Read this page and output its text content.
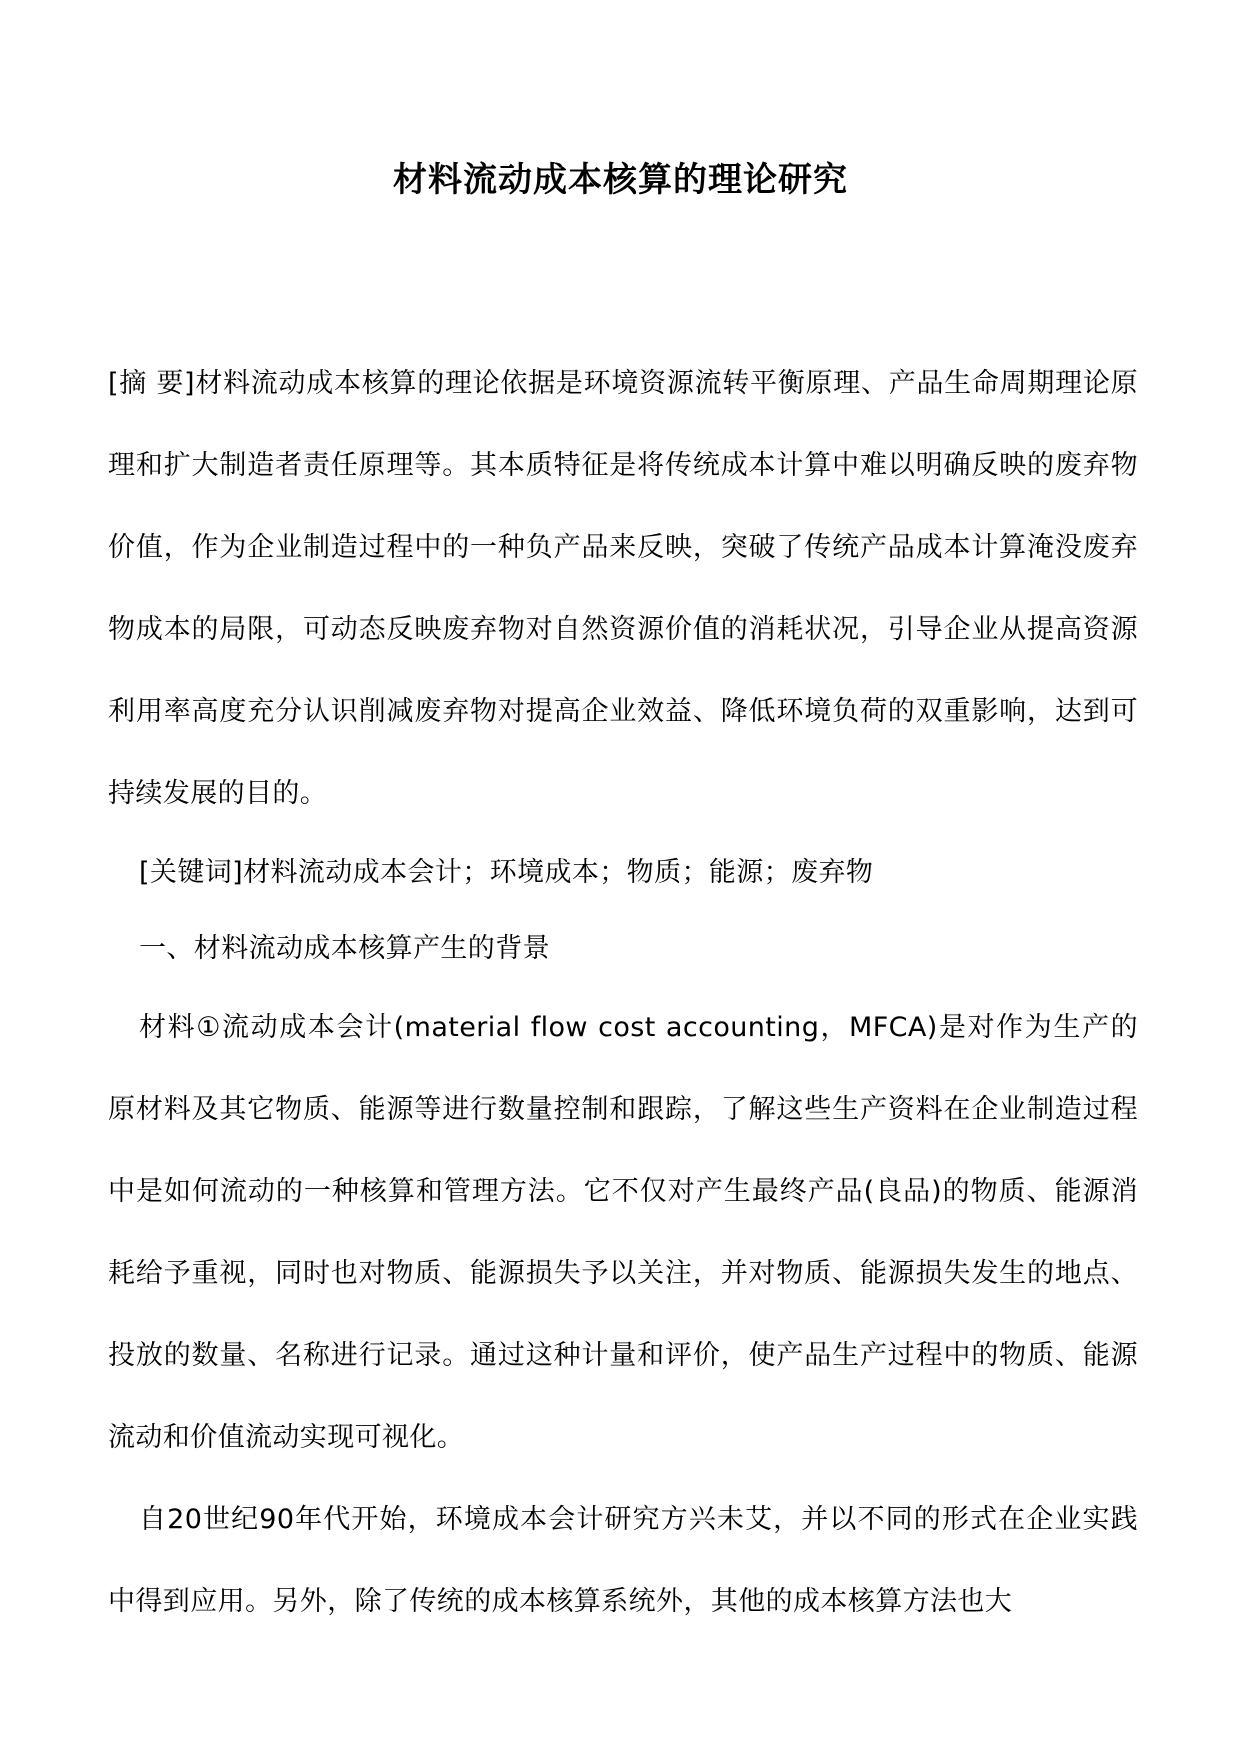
材料流动成本核算的理论研究

[摘 要]材料流动成本核算的理论依据是环境资源流转平衡原理、产品生命周期理论原理和扩大制造者责任原理等。其本质特征是将传统成本计算中难以明确反映的废弃物价值，作为企业制造过程中的一种负产品来反映，突破了传统产品成本计算淹没废弃物成本的局限，可动态反映废弃物对自然资源价值的消耗状况，引导企业从提高资源利用率高度充分认识削减废弃物对提高企业效益、降低环境负荷的双重影响，达到可持续发展的目的。

[关键词]材料流动成本会计；环境成本；物质；能源；废弃物

一、材料流动成本核算产生的背景

材料①流动成本会计(material flow cost accounting，MFCA)是对作为生产的原材料及其它物质、能源等进行数量控制和跟踪，了解这些生产资料在企业制造过程中是如何流动的一种核算和管理方法。它不仅对产生最终产品(良品)的物质、能源消耗给予重视，同时也对物质、能源损失予以关注，并对物质、能源损失发生的地点、投放的数量、名称进行记录。通过这种计量和评价，使产品生产过程中的物质、能源流动和价值流动实现可视化。

自20世纪90年代开始，环境成本会计研究方兴未艾，并以不同的形式在企业实践中得到应用。另外，除了传统的成本核算系统外，其他的成本核算方法也大
